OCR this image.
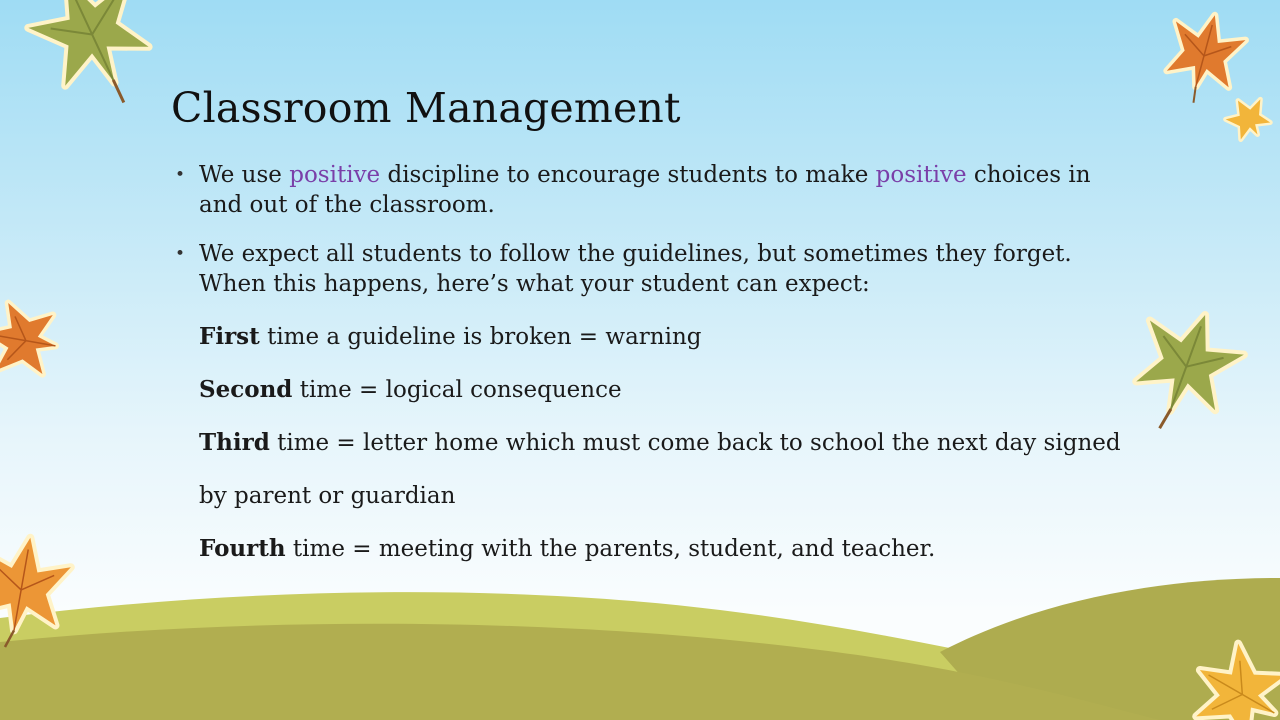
Classroom Management
• We use positive discipline to encourage students to make positive choices in and out of the classroom.
• We expect all students to follow the guidelines, but sometimes they forget. When this happens, here’s what your student can expect:
First time a guideline is broken = warning
Second time = logical consequence
Third time = letter home which must come back to school the next day signed
by parent or guardian
Fourth time = meeting with the parents, student, and teacher.
